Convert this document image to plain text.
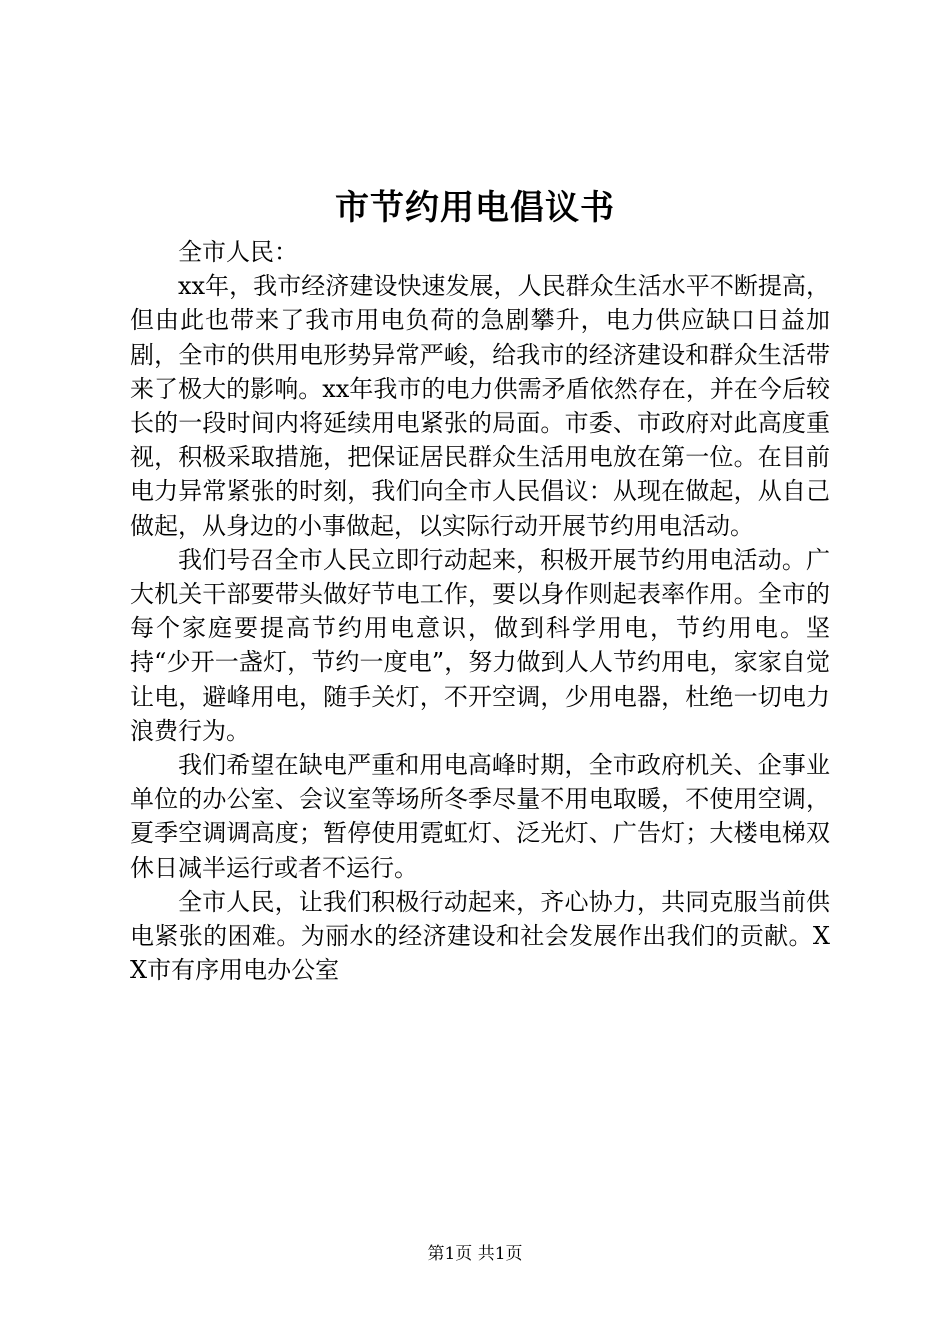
市节约用电倡议书

全市人民：

xx年，我市经济建设快速发展，人民群众生活水平不断提高，但由此也带来了我市用电负荷的急剧攀升，电力供应缺口日益加剧，全市的供用电形势异常严峻，给我市的经济建设和群众生活带来了极大的影响。xx年我市的电力供需矛盾依然存在，并在今后较长的一段时间内将延续用电紧张的局面。市委、市政府对此高度重视，积极采取措施，把保证居民群众生活用电放在第一位。在目前电力异常紧张的时刻，我们向全市人民倡议：从现在做起，从自己做起，从身边的小事做起，以实际行动开展节约用电活动。

我们号召全市人民立即行动起来，积极开展节约用电活动。广大机关干部要带头做好节电工作，要以身作则起表率作用。全市的每个家庭要提高节约用电意识，做到科学用电，节约用电。坚持“少开一盏灯，节约一度电”，努力做到人人节约用电，家家自觉让电，避峰用电，随手关灯，不开空调，少用电器，杜绝一切电力浪费行为。

我们希望在缺电严重和用电高峰时期，全市政府机关、企事业单位的办公室、会议室等场所冬季尽量不用电取暖，不使用空调，夏季空调调高度；暂停使用霓虹灯、泛光灯、广告灯；大楼电梯双休日减半运行或者不运行。

全市人民，让我们积极行动起来，齐心协力，共同克服当前供电紧张的困难。为丽水的经济建设和社会发展作出我们的贡献。XX市有序用电办公室

第1页 共1页
